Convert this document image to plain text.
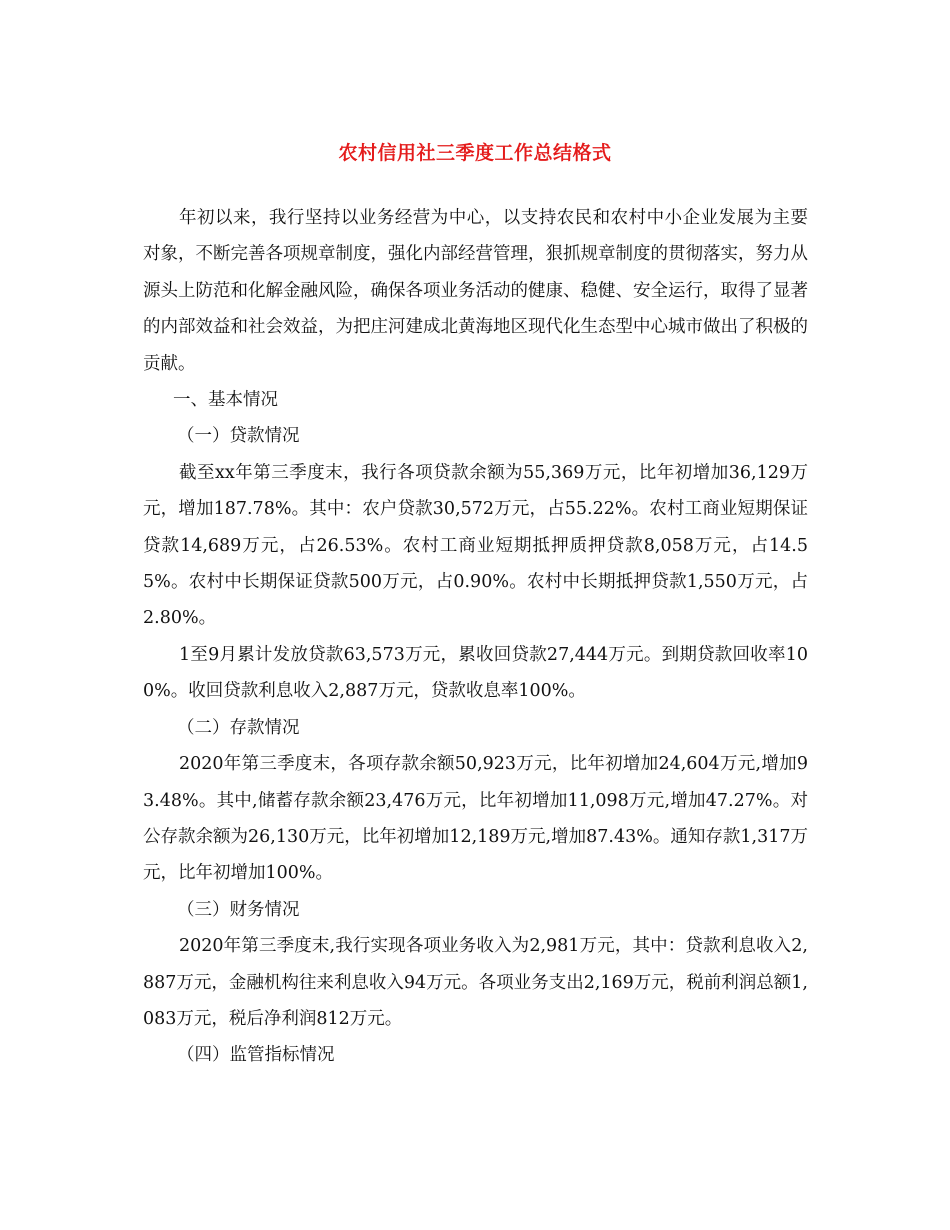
农村信用社三季度工作总结格式

年初以来，我行坚持以业务经营为中心，以支持农民和农村中小企业发展为主要对象，不断完善各项规章制度，强化内部经营管理，狠抓规章制度的贯彻落实，努力从源头上防范和化解金融风险，确保各项业务活动的健康、稳健、安全运行，取得了显著的内部效益和社会效益，为把庄河建成北黄海地区现代化生态型中心城市做出了积极的贡献。

一、基本情况

（一）贷款情况

截至xx年第三季度末，我行各项贷款余额为55,369万元，比年初增加36,129万元，增加187.78%。其中：农户贷款30,572万元，占55.22%。农村工商业短期保证贷款14,689万元，占26.53%。农村工商业短期抵押质押贷款8,058万元，占14.55%。农村中长期保证贷款500万元，占0.90%。农村中长期抵押贷款1,550万元，占2.80%。

1至9月累计发放贷款63,573万元，累收回贷款27,444万元。到期贷款回收率100%。收回贷款利息收入2,887万元，贷款收息率100%。

（二）存款情况

2020年第三季度末，各项存款余额50,923万元，比年初增加24,604万元,增加93.48%。其中,储蓄存款余额23,476万元，比年初增加11,098万元,增加47.27%。对公存款余额为26,130万元，比年初增加12,189万元,增加87.43%。通知存款1,317万元，比年初增加100%。

（三）财务情况

2020年第三季度末,我行实现各项业务收入为2,981万元，其中：贷款利息收入2,887万元，金融机构往来利息收入94万元。各项业务支出2,169万元，税前利润总额1,083万元，税后净利润812万元。

（四）监管指标情况
